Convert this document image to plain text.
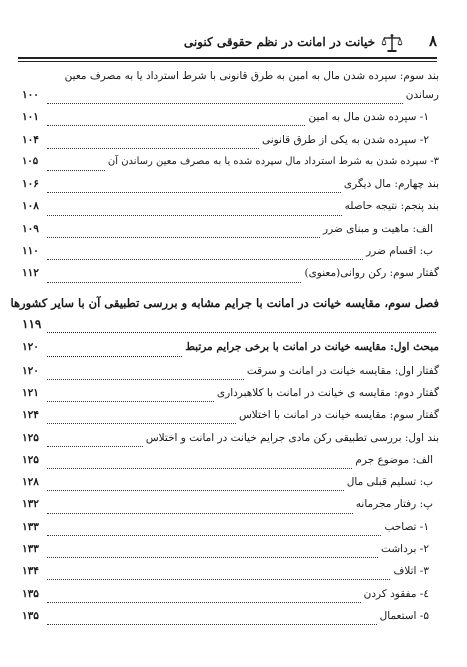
۸
خیانت در امانت در نظم حقوقی کنونی
بند سوم: سپرده شدن مال به امین به طرق قانونی با شرط استرداد یا به مصرف معین
رساندن
۱۰۰
۱- سپرده شدن مال به امین
۱۰۱
۲- سپرده شدن به یکی از طرق قانونی
۱۰۴
۳- سپرده شدن به شرط استرداد مال سپرده شده یا به مصرف معین رساندن آن
۱۰۵
بند چهارم: مال دیگری
۱۰۶
بند پنجم: نتیجه حاصله
۱۰۸
الف: ماهیت و مبنای ضرر
۱۰۹
ب: اقسام ضرر
۱۱۰
گفتار سوم: رکن روانی(معنوی)
۱۱۲
فصل سوم، مقایسه خیانت در امانت با جرایم مشابه و بررسی تطبیقی آن با سایر کشورها
۱۱۹
مبحث اول: مقایسه خیانت در امانت با برخی جرایم مرتبط
۱۲۰
گفتار اول: مقایسه خیانت در امانت و سرقت
۱۲۰
گفتار دوم: مقایسه ی خیانت در امانت با کلاهبرداری
۱۲۱
گفتار سوم: مقایسه خیانت در امانت با اختلاس
۱۲۴
بند اول: بررسی تطبیقی رکن مادی جرایم خیانت در امانت و اختلاس
۱۲۵
الف: موضوع جرم
۱۲۵
ب: تسلیم قبلی مال
۱۲۸
پ: رفتار مجرمانه
۱۳۲
۱- تصاحب
۱۳۳
۲- برداشت
۱۳۳
۳- اتلاف
۱۳۴
٤- مفقود کردن
۱۳۵
۵- استعمال
۱۳۵
